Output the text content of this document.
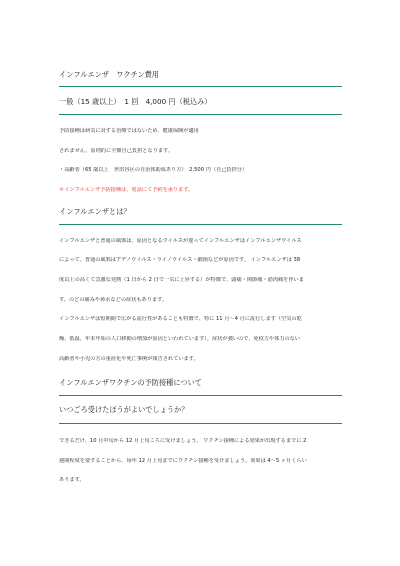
インフルエンザ　ワクチン費用
一般（15 歳以上）　1 回　4,000 円（税込み）
予防接種は病気に対する治療ではないため、健康保険が適用
されません。原則的に全額自己負担となります。
・高齢者（65 歳以上　世田谷区の自治体助成あり方）　2,500 円（自己負担分）
＊インフルエンザ予防接種は、電話にて予約を承ります。
インフルエンザとは？
インフルエンザと普通の風邪は、原因となるウイルスが違ってインフルエンザはインフルエンザウイルス
によって、普通の風邪はアデノウイルス・ライノウイルス・細菌などが原因です。 インフルエンザは 38
度以上の高くて急激な発熱（1 日から 2 日で一気に上昇する）が特徴で、頭痛・関節痛・筋肉痛を伴いま
す。のどの痛みや鼻水などの症状もあります。
インフルエンザは短期間で広がる流行性があることも特徴で、特に 11 月～4 月に流行します（空気の乾
燥、低温、年末年始の人口移動の増加が原因といわれています）。症状が強いので、免疫力や体力のない
高齢者や小児の方の重症化や死亡事例が報告されています。
インフルエンザワクチンの予防接種について
いつごろ受けたほうがよいでしょうか？
できるだけ、10 月中旬から 12 月上旬ころに受けましょう。 ワクチン接種による効果が出現するまでに 2
週間程度を要することから、毎年 12 月上旬までにワクチン接種を受けましょう。効果は 4～5 ヶ月くらい
あります。
